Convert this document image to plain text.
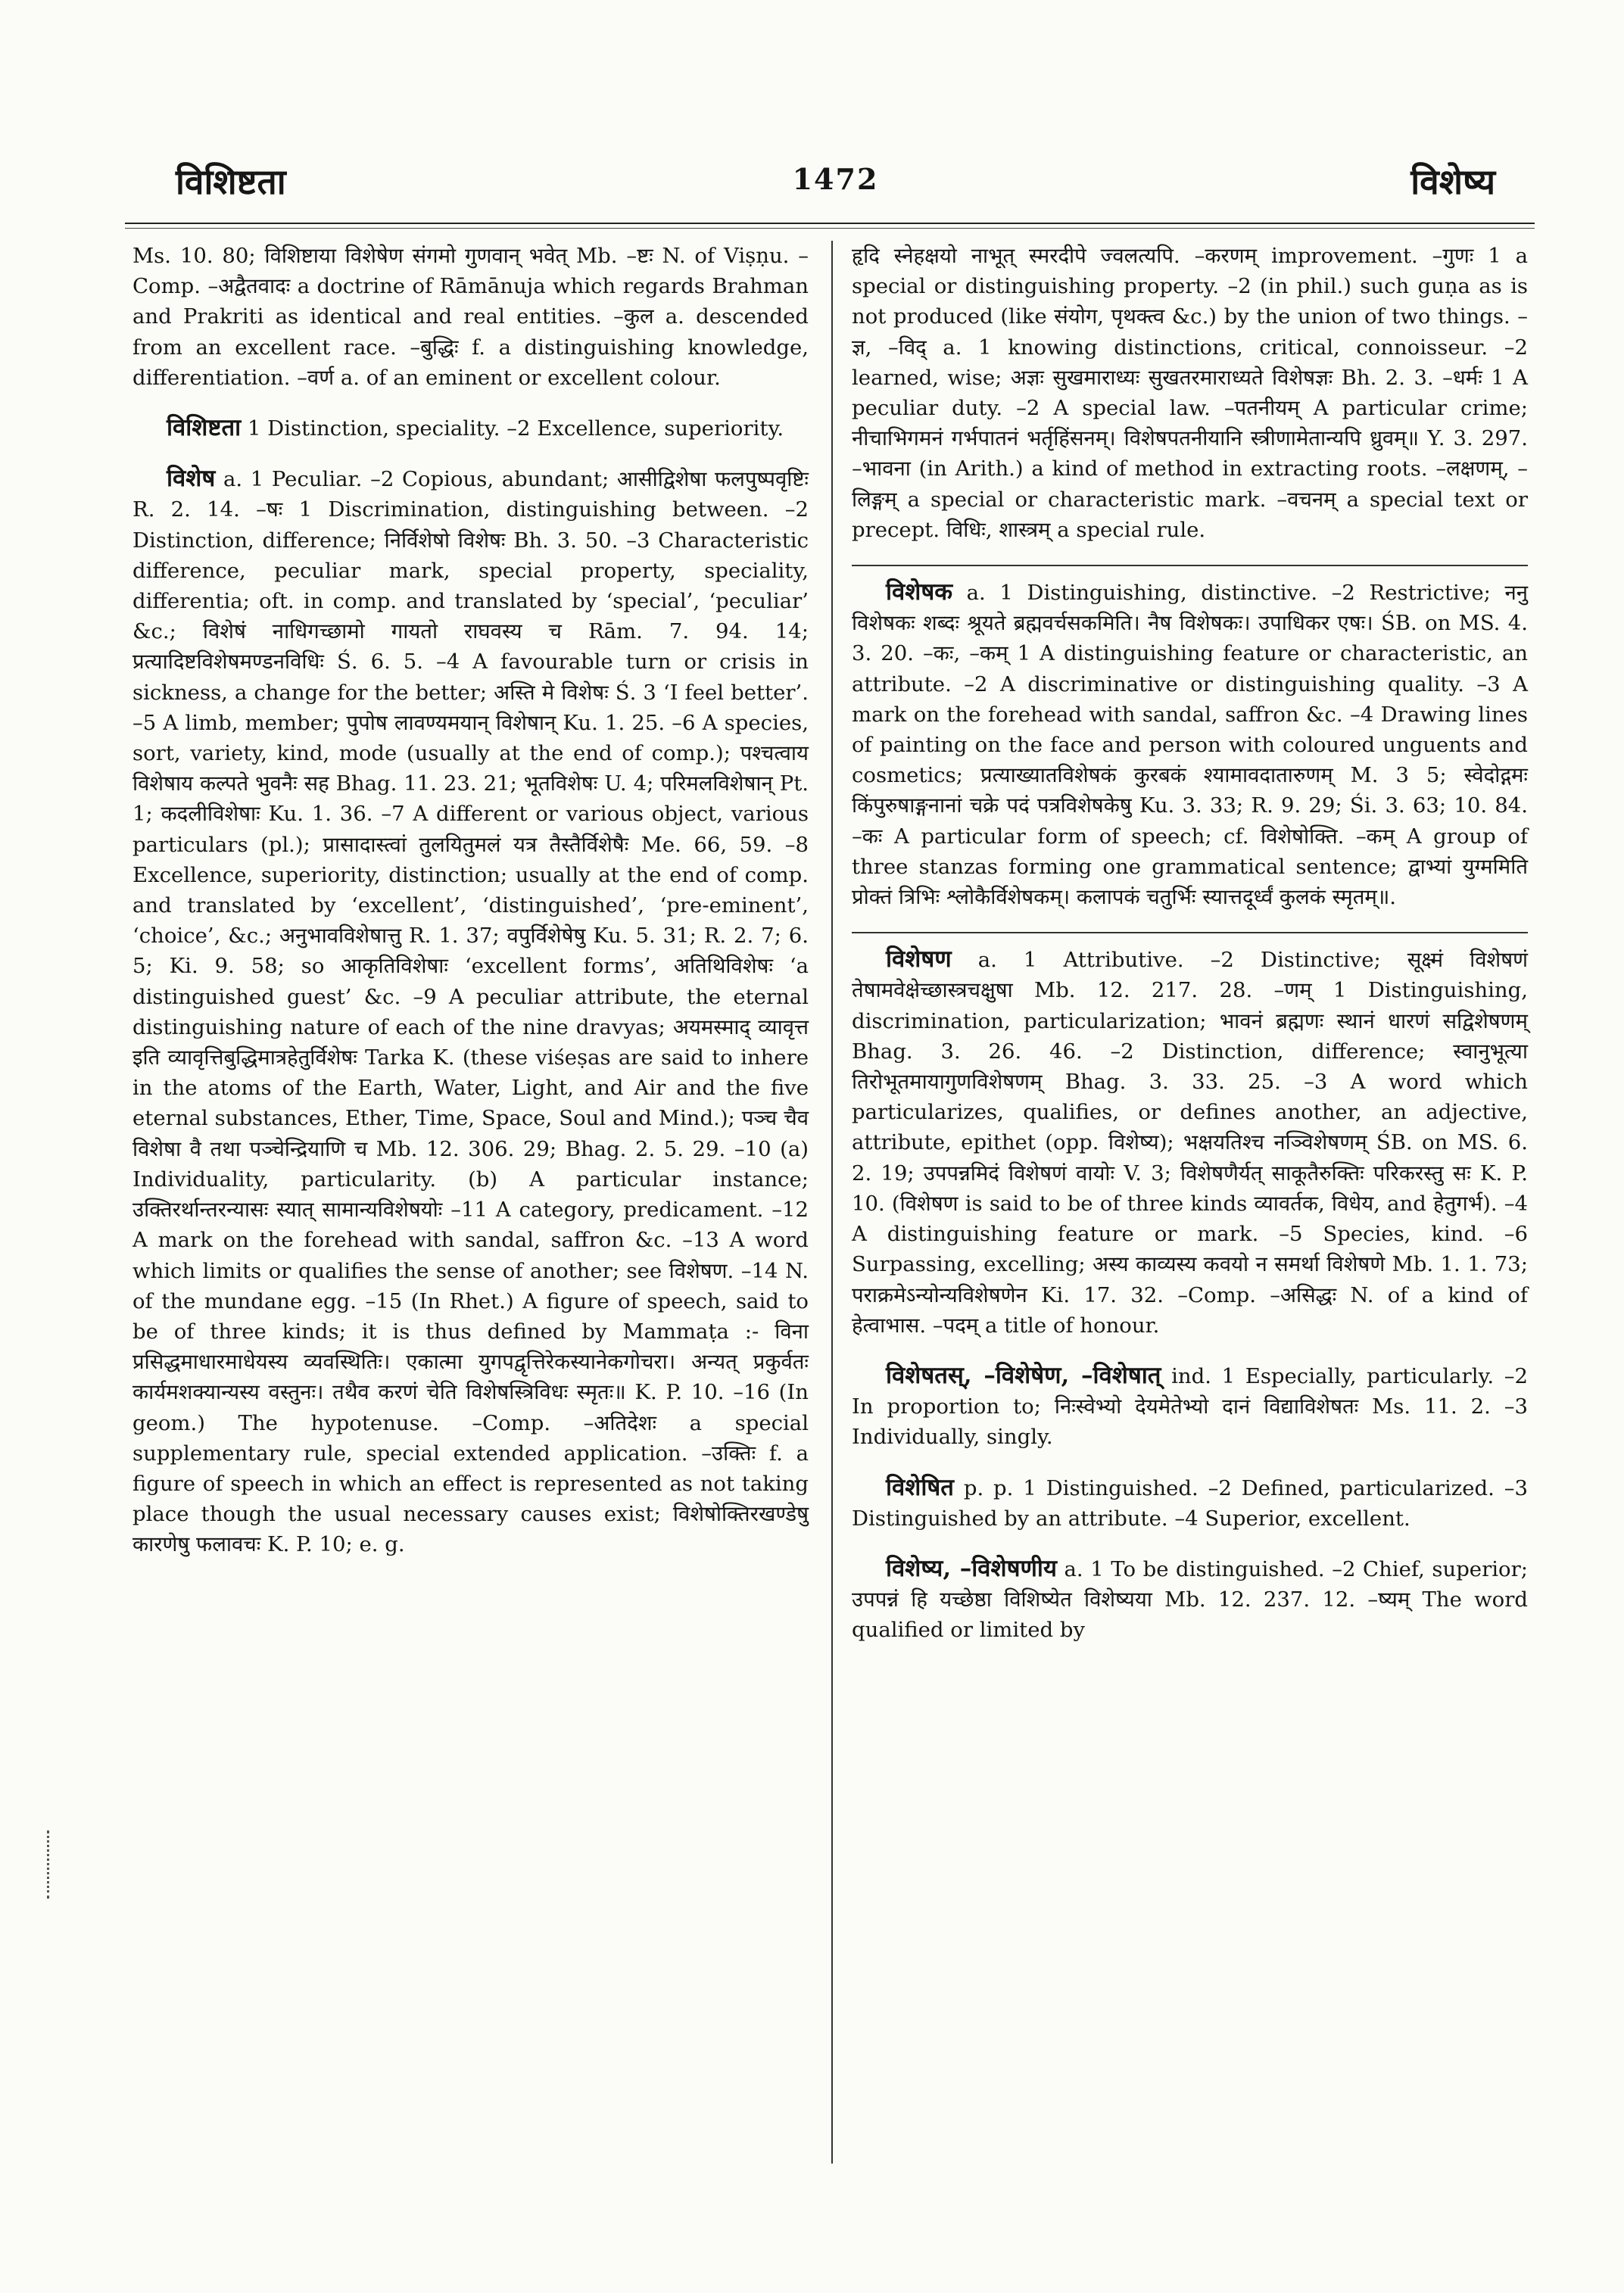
विशिष्टता	1472	विशेष्य

Ms. 10. 80; विशिष्टाया विशेषेण संगमो गुणवान् भवेत् Mb. –ष्टः N. of Viṣṇu. –Comp. –अद्वैतवादः a doctrine of Rāmānuja which regards Brahman and Prakriti as identical and real entities. –कुल a. descended from an excellent race. –बुद्धिः f. a distinguishing knowledge, differentiation. –वर्ण a. of an eminent or excellent colour.

विशिष्टता 1 Distinction, speciality. –2 Excellence, superiority.

विशेष a. 1 Peculiar. –2 Copious, abundant; आसीद्विशेषा फलपुष्पवृष्टिः R. 2. 14. –षः 1 Discrimination, distinguishing between. –2 Distinction, difference; निर्विशेषो विशेषः Bh. 3. 50. –3 Characteristic difference, peculiar mark, special property, speciality, differentia; oft. in comp. and translated by ‘special’, ‘peculiar’ &c.; विशेषं नाधिगच्छामो गायतो राघवस्य च Rām. 7. 94. 14; प्रत्यादिष्टविशेषमण्डनविधिः Ś. 6. 5. –4 A favourable turn or crisis in sickness, a change for the better; अस्ति मे विशेषः Ś. 3 ‘I feel better’. –5 A limb, member; पुपोष लावण्यमयान् विशेषान् Ku. 1. 25. –6 A species, sort, variety, kind, mode (usually at the end of comp.); पश्चत्वाय विशेषाय कल्पते भुवनैः सह Bhag. 11. 23. 21; भूतविशेषः U. 4; परिमलविशेषान् Pt. 1; कदलीविशेषाः Ku. 1. 36. –7 A different or various object, various particulars (pl.); प्रासादास्त्वां तुलयितुमलं यत्र तैस्तैर्विशेषैः Me. 66, 59. –8 Excellence, superiority, distinction; usually at the end of comp. and translated by ‘excellent’, ‘distinguished’, ‘pre-eminent’, ‘choice’, &c.; अनुभावविशेषात्तु R. 1. 37; वपुर्विशेषेषु Ku. 5. 31; R. 2. 7; 6. 5; Ki. 9. 58; so आकृतिविशेषाः ‘excellent forms’, अतिथिविशेषः ‘a distinguished guest’ &c. –9 A peculiar attribute, the eternal distinguishing nature of each of the nine dravyas; अयमस्माद् व्यावृत्त इति व्यावृत्तिबुद्धिमात्रहेतुर्विशेषः Tarka K. (these viśeṣas are said to inhere in the atoms of the Earth, Water, Light, and Air and the five eternal substances, Ether, Time, Space, Soul and Mind.); पञ्च चैव विशेषा वै तथा पञ्चेन्द्रियाणि च Mb. 12. 306. 29; Bhag. 2. 5. 29. –10 (a) Individuality, particularity. (b) A particular instance; उक्तिरर्थान्तरन्यासः स्यात् सामान्यविशेषयोः –11 A category, predicament. –12 A mark on the forehead with sandal, saffron &c. –13 A word which limits or qualifies the sense of another; see विशेषण. –14 N. of the mundane egg. –15 (In Rhet.) A figure of speech, said to be of three kinds; it is thus defined by Mammaṭa :- विना प्रसिद्धमाधारमाधेयस्य व्यवस्थितिः। एकात्मा युगपद्वृत्तिरेकस्यानेकगोचरा। अन्यत् प्रकुर्वतः कार्यमशक्यान्यस्य वस्तुनः। तथैव करणं चेति विशेषस्त्रिविधः स्मृतः॥ K. P. 10. –16 (In geom.) The hypotenuse. –Comp. –अतिदेशः a special supplementary rule, special extended application. –उक्तिः f. a figure of speech in which an effect is represented as not taking place though the usual necessary causes exist; विशेषोक्तिरखण्डेषु कारणेषु फलावचः K. P. 10; e. g.

हृदि स्नेहक्षयो नाभूत् स्मरदीपे ज्वलत्यपि. –करणम् improvement. –गुणः 1 a special or distinguishing property. –2 (in phil.) such guṇa as is not produced (like संयोग, पृथक्त्व &c.) by the union of two things. –ज्ञ, –विद् a. 1 knowing distinctions, critical, connoisseur. –2 learned, wise; अज्ञः सुखमाराध्यः सुखतरमाराध्यते विशेषज्ञः Bh. 2. 3. –धर्मः 1 A peculiar duty. –2 A special law. –पतनीयम् A particular crime; नीचाभिगमनं गर्भपातनं भर्तृहिंसनम्। विशेषपतनीयानि स्त्रीणामेतान्यपि ध्रुवम्॥ Y. 3. 297. –भावना (in Arith.) a kind of method in extracting roots. –लक्षणम्, –लिङ्गम् a special or characteristic mark. –वचनम् a special text or precept. विधिः, शास्त्रम् a special rule.

विशेषक a. 1 Distinguishing, distinctive. –2 Restrictive; ननु विशेषकः शब्दः श्रूयते ब्रह्मवर्चसकमिति। नैष विशेषकः। उपाधिकर एषः। ŚB. on MS. 4. 3. 20. –कः, –कम् 1 A distinguishing feature or characteristic, an attribute. –2 A discriminative or distinguishing quality. –3 A mark on the forehead with sandal, saffron &c. –4 Drawing lines of painting on the face and person with coloured unguents and cosmetics; प्रत्याख्यातविशेषकं कुरबकं श्यामावदातारुणम् M. 3 5; स्वेदोद्गमः किंपुरुषाङ्गनानां चक्रे पदं पत्रविशेषकेषु Ku. 3. 33; R. 9. 29; Śi. 3. 63; 10. 84. –कः A particular form of speech; cf. विशेषोक्ति. –कम् A group of three stanzas forming one grammatical sentence; द्वाभ्यां युग्ममिति प्रोक्तं त्रिभिः श्लोकैर्विशेषकम्। कलापकं चतुर्भिः स्यात्तदूर्ध्वं कुलकं स्मृतम्॥.

विशेषण a. 1 Attributive. –2 Distinctive; सूक्ष्मं विशेषणं तेषामवेक्षेच्छास्त्रचक्षुषा Mb. 12. 217. 28. –णम् 1 Distinguishing, discrimination, particularization; भावनं ब्रह्मणः स्थानं धारणं सद्विशेषणम् Bhag. 3. 26. 46. –2 Distinction, difference; स्वानुभूत्या तिरोभूतमायागुणविशेषणम् Bhag. 3. 33. 25. –3 A word which particularizes, qualifies, or defines another, an adjective, attribute, epithet (opp. विशेष्य); भक्षयतिश्च नञ्विशेषणम् ŚB. on MS. 6. 2. 19; उपपन्नमिदं विशेषणं वायोः V. 3; विशेषणैर्यत् साकूतैरुक्तिः परिकरस्तु सः K. P. 10. (विशेषण is said to be of three kinds व्यावर्तक, विधेय, and हेतुगर्भ). –4 A distinguishing feature or mark. –5 Species, kind. –6 Surpassing, excelling; अस्य काव्यस्य कवयो न समर्था विशेषणे Mb. 1. 1. 73; पराक्रमेऽन्योन्यविशेषणेन Ki. 17. 32. –Comp. –असिद्धः N. of a kind of हेत्वाभास. –पदम् a title of honour.

विशेषतस्, –विशेषेण, –विशेषात् ind. 1 Especially, particularly. –2 In proportion to; निःस्वेभ्यो देयमेतेभ्यो दानं विद्याविशेषतः Ms. 11. 2. –3 Individually, singly.

विशेषित p. p. 1 Distinguished. –2 Defined, particularized. –3 Distinguished by an attribute. –4 Superior, excellent.

विशेष्य, –विशेषणीय a. 1 To be distinguished. –2 Chief, superior; उपपन्नं हि यच्छेष्ठा विशिष्येत विशेष्यया Mb. 12. 237. 12. –ष्यम् The word qualified or limited by
